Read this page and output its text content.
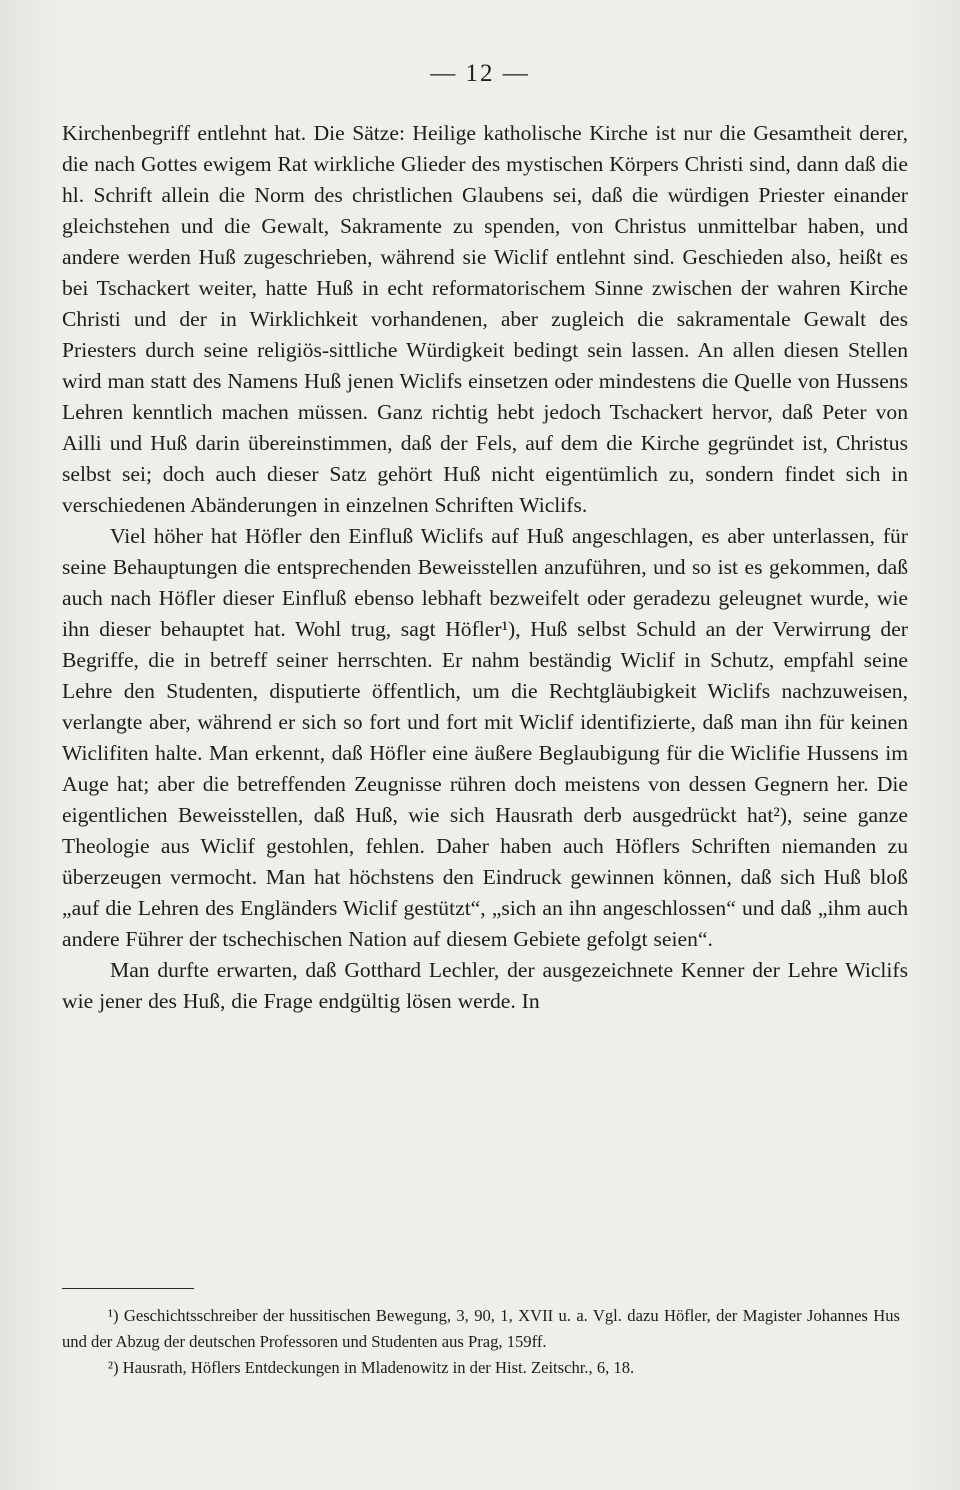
— 12 —

Kirchenbegriff entlehnt hat. Die Sätze: Heilige katholische Kirche ist nur die Gesamtheit derer, die nach Gottes ewigem Rat wirkliche Glieder des mystischen Körpers Christi sind, dann daß die hl. Schrift allein die Norm des christlichen Glaubens sei, daß die würdigen Priester einander gleichstehen und die Gewalt, Sakramente zu spenden, von Christus unmittelbar haben, und andere werden Huß zugeschrieben, während sie Wiclif entlehnt sind. Geschieden also, heißt es bei Tschackert weiter, hatte Huß in echt reformatorischem Sinne zwischen der wahren Kirche Christi und der in Wirklichkeit vorhandenen, aber zugleich die sakramentale Gewalt des Priesters durch seine religiös-sittliche Würdigkeit bedingt sein lassen. An allen diesen Stellen wird man statt des Namens Huß jenen Wiclifs einsetzen oder mindestens die Quelle von Hussens Lehren kenntlich machen müssen. Ganz richtig hebt jedoch Tschackert hervor, daß Peter von Ailli und Huß darin übereinstimmen, daß der Fels, auf dem die Kirche gegründet ist, Christus selbst sei; doch auch dieser Satz gehört Huß nicht eigentümlich zu, sondern findet sich in verschiedenen Abänderungen in einzelnen Schriften Wiclifs.

Viel höher hat Höfler den Einfluß Wiclifs auf Huß angeschlagen, es aber unterlassen, für seine Behauptungen die entsprechenden Beweisstellen anzuführen, und so ist es gekommen, daß auch nach Höfler dieser Einfluß ebenso lebhaft bezweifelt oder geradezu geleugnet wurde, wie ihn dieser behauptet hat. Wohl trug, sagt Höfler¹), Huß selbst Schuld an der Verwirrung der Begriffe, die in betreff seiner herrschten. Er nahm beständig Wiclif in Schutz, empfahl seine Lehre den Studenten, disputierte öffentlich, um die Rechtgläubigkeit Wiclifs nachzuweisen, verlangte aber, während er sich so fort und fort mit Wiclif identifizierte, daß man ihn für keinen Wiclifiten halte. Man erkennt, daß Höfler eine äußere Beglaubigung für die Wiclifie Hussens im Auge hat; aber die betreffenden Zeugnisse rühren doch meistens von dessen Gegnern her. Die eigentlichen Beweisstellen, daß Huß, wie sich Hausrath derb ausgedrückt hat²), seine ganze Theologie aus Wiclif gestohlen, fehlen. Daher haben auch Höflers Schriften niemanden zu überzeugen vermocht. Man hat höchstens den Eindruck gewinnen können, daß sich Huß bloß „auf die Lehren des Engländers Wiclif gestützt“, „sich an ihn angeschlossen“ und daß „ihm auch andere Führer der tschechischen Nation auf diesem Gebiete gefolgt seien“.

Man durfte erwarten, daß Gotthard Lechler, der ausgezeichnete Kenner der Lehre Wiclifs wie jener des Huß, die Frage endgültig lösen werde. In

¹) Geschichtsschreiber der hussitischen Bewegung, 3, 90, 1, XVII u. a. Vgl. dazu Höfler, der Magister Johannes Hus und der Abzug der deutschen Professoren und Studenten aus Prag, 159ff.

²) Hausrath, Höflers Entdeckungen in Mladenowitz in der Hist. Zeitschr., 6, 18.
